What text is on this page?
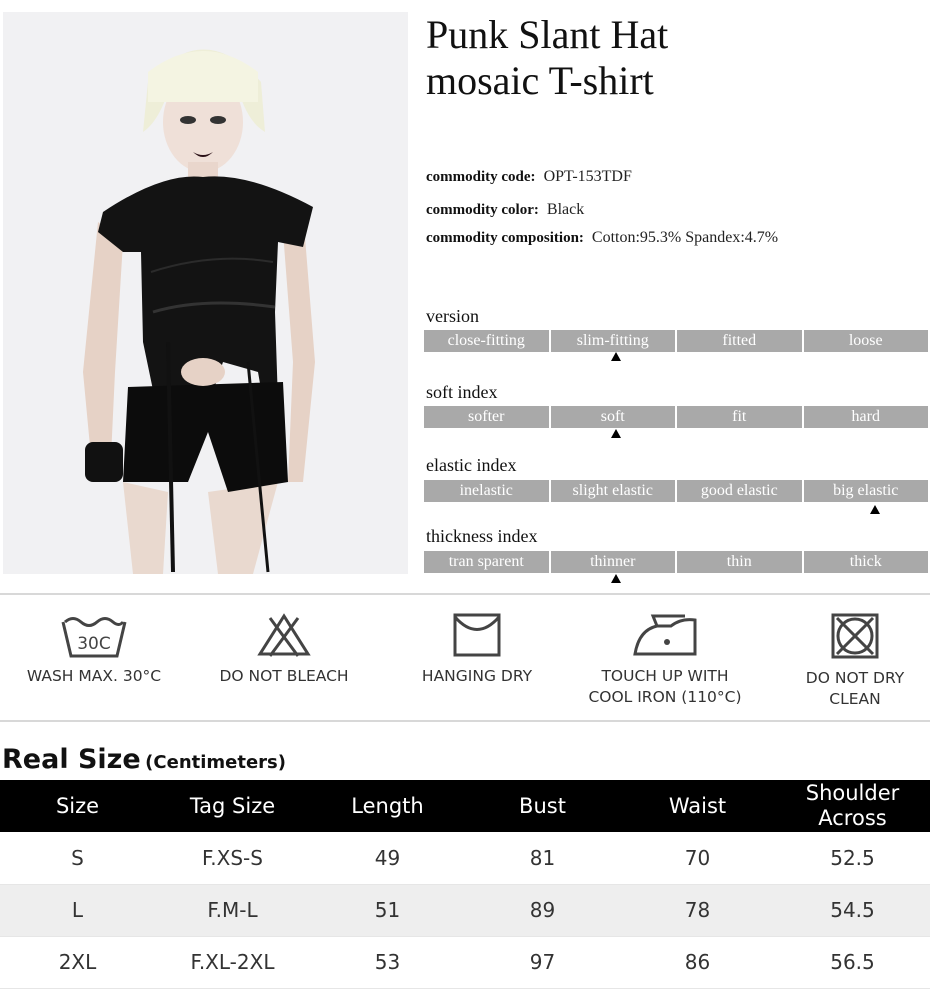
Punk Slant Hat
mosaic T-shirt
commodity code: OPT-153TDF
commodity color: Black
commodity composition: Cotton:95.3% Spandex:4.7%
version
close-fitting	slim-fitting	fitted	loose
soft index
softer	soft	fit	hard
elastic index
inelastic	slight elastic	good elastic	big elastic
thickness index
tran sparent	thinner	thin	thick
30C
WASH MAX. 30°C	DO NOT BLEACH	HANGING DRY	TOUCH UP WITH
COOL IRON (110°C)
DO NOT DRY
CLEAN
Real Size (Centimeters)
Size	Tag Size	Length	Bust	Waist	Shoulder
Across

S	F.XS-S	49	81	70	52.5
L	F.M-L	51	89	78	54.5
2XL	F.XL-2XL	53	97	86	56.5
